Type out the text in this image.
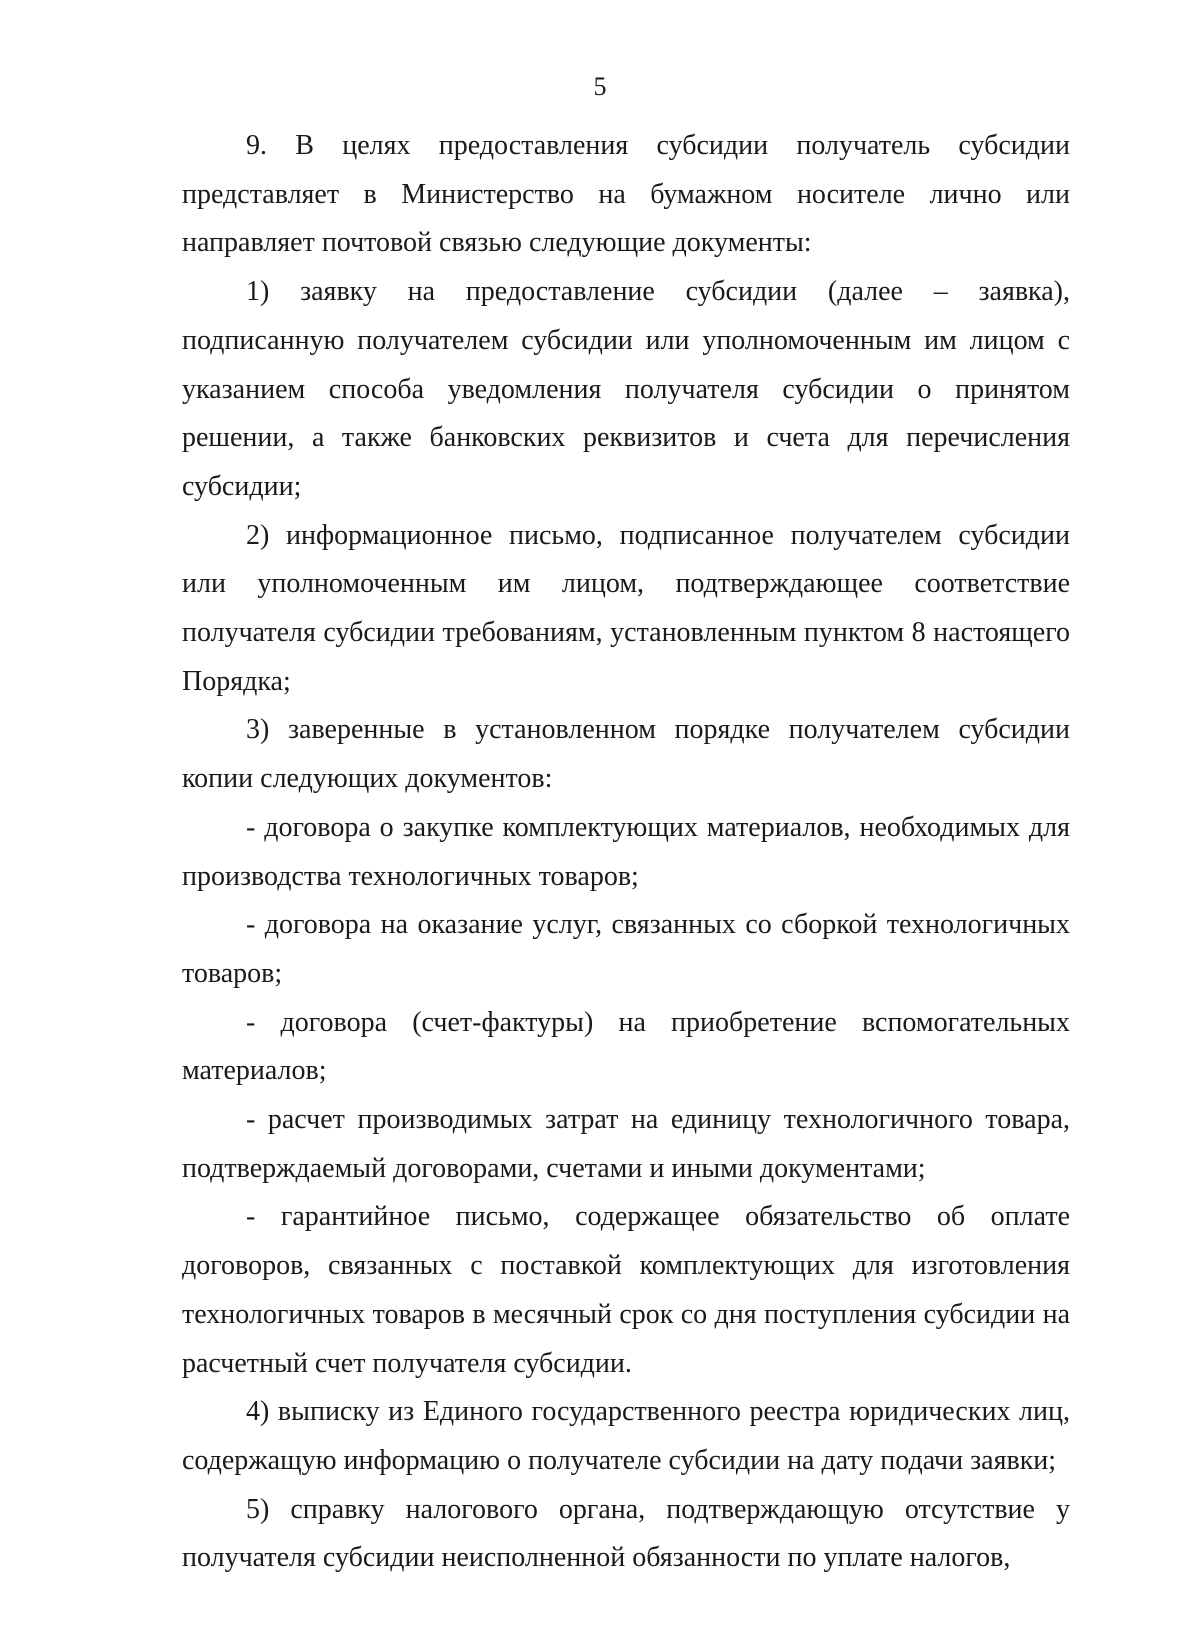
5

9. В целях предоставления субсидии получатель субсидии представляет в Министерство на бумажном носителе лично или направляет почтовой связью следующие документы:

1) заявку на предоставление субсидии (далее – заявка), подписанную получателем субсидии или уполномоченным им лицом с указанием способа уведомления получателя субсидии о принятом решении, а также банковских реквизитов и счета для перечисления субсидии;

2) информационное письмо, подписанное получателем субсидии или уполномоченным им лицом, подтверждающее соответствие получателя субсидии требованиям, установленным пунктом 8 настоящего Порядка;

3) заверенные в установленном порядке получателем субсидии копии следующих документов:

- договора о закупке комплектующих материалов, необходимых для производства технологичных товаров;

- договора на оказание услуг, связанных со сборкой технологичных товаров;

- договора (счет-фактуры) на приобретение вспомогательных материалов;

- расчет производимых затрат на единицу технологичного товара, подтверждаемый договорами, счетами и иными документами;

- гарантийное письмо, содержащее обязательство об оплате договоров, связанных с поставкой комплектующих для изготовления технологичных товаров в месячный срок со дня поступления субсидии на расчетный счет получателя субсидии.

4) выписку из Единого государственного реестра юридических лиц, содержащую информацию о получателе субсидии на дату подачи заявки;

5) справку налогового органа, подтверждающую отсутствие у получателя субсидии неисполненной обязанности по уплате налогов,
